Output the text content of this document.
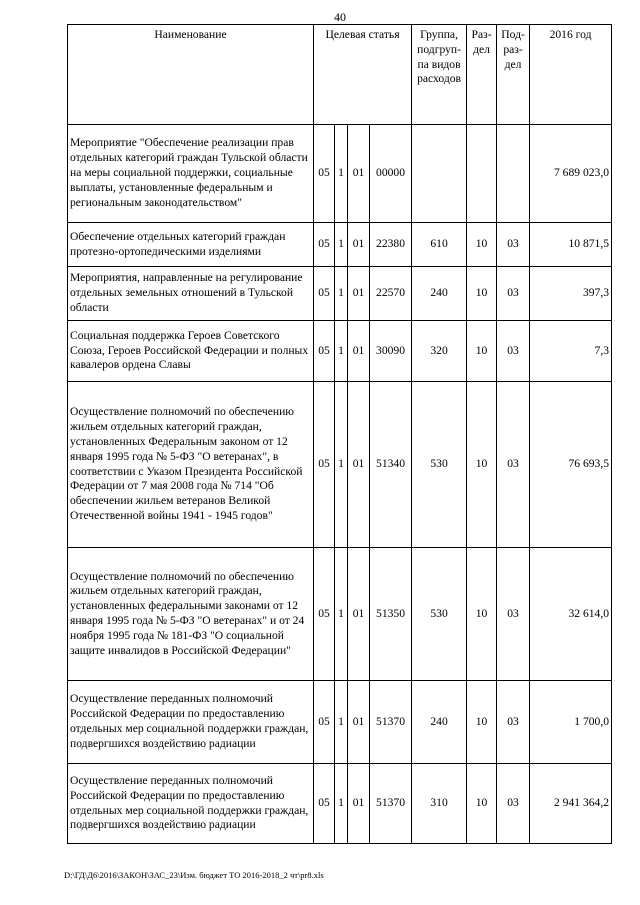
40
Наименование	Целевая статья				Группа, подгруп-па видов расходов	Раз-дел	Под-раз-дел	2016 год
Мероприятие "Обеспечение реализации прав отдельных категорий граждан Тульской области на меры социальной поддержки, социальные выплаты, установленные федеральным и региональным законодательством"	05	1	01	00000				7 689 023,0
Обеспечение отдельных категорий граждан протезно-ортопедическими изделиями	05	1	01	22380	610	10	03	10 871,5
Мероприятия, направленные на регулирование отдельных земельных отношений в Тульской области	05	1	01	22570	240	10	03	397,3
Социальная поддержка Героев Советского Союза, Героев Российской Федерации и полных кавалеров ордена Славы	05	1	01	30090	320	10	03	7,3
Осуществление полномочий по обеспечению жильем отдельных категорий граждан, установленных Федеральным законом от 12 января 1995 года № 5-ФЗ "О ветеранах", в соответствии с Указом Президента Российской Федерации от 7 мая 2008 года № 714 "Об обеспечении жильем ветеранов Великой Отечественной войны 1941 - 1945 годов"	05	1	01	51340	530	10	03	76 693,5
Осуществление полномочий по обеспечению жильем отдельных категорий граждан, установленных федеральными законами от 12 января 1995 года № 5-ФЗ "О ветеранах" и от 24 ноября 1995 года № 181-ФЗ "О социальной защите инвалидов в Российской Федерации"	05	1	01	51350	530	10	03	32 614,0
Осуществление переданных полномочий Российской Федерации по предоставлению отдельных мер социальной поддержки граждан, подвергшихся воздействию радиации	05	1	01	51370	240	10	03	1 700,0
Осуществление переданных полномочий Российской Федерации по предоставлению отдельных мер социальной поддержки граждан, подвергшихся воздействию радиации	05	1	01	51370	310	10	03	2 941 364,2
D:\ГД\Д6\2016\ЗАКОН\ЗАС_23\Изм. бюджет ТО 2016-2018_2 чт\pr8.xls
